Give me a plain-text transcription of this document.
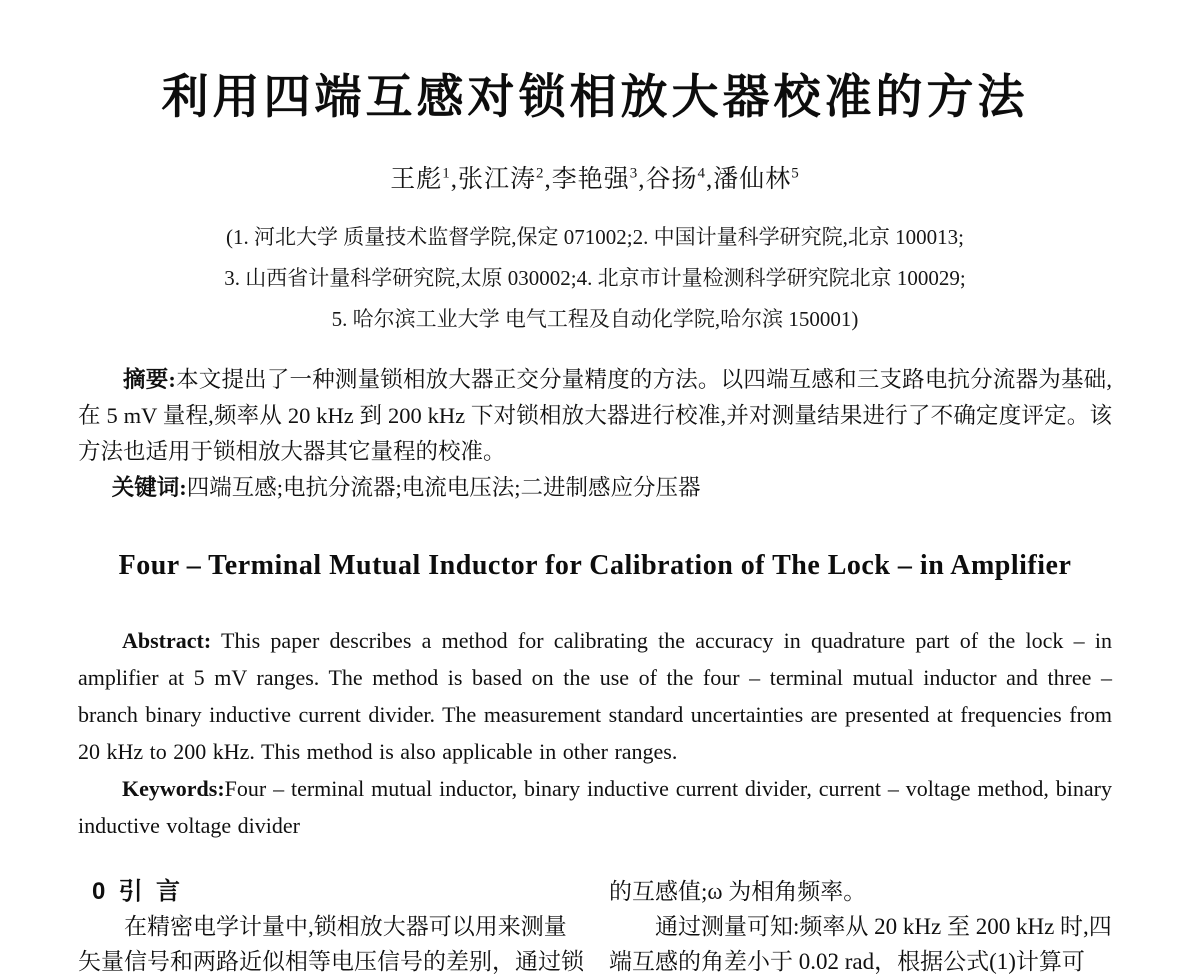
利用四端互感对锁相放大器校准的方法
王彪$^1$,张江涛$^2$,李艳强$^3$,谷扬$^4$,潘仙林$^5$
(1. 河北大学 质量技术监督学院,保定 071002;2. 中国计量科学研究院,北京 100013;
3. 山西省计量科学研究院,太原 030002;4. 北京市计量检测科学研究院北京 100029;
5. 哈尔滨工业大学 电气工程及自动化学院,哈尔滨 150001)
摘要:本文提出了一种测量锁相放大器正交分量精度的方法。以四端互感和三支路电抗分流器为基础,在 5 mV 量程,频率从 20 kHz 到 200 kHz 下对锁相放大器进行校准,并对测量结果进行了不确定度评定。该方法也适用于锁相放大器其它量程的校准。
关键词:四端互感;电抗分流器;电流电压法;二进制感应分压器
Four – Terminal Mutual Inductor for Calibration of The Lock – in Amplifier
Abstract: This paper describes a method for calibrating the accuracy in quadrature part of the lock – in amplifier at 5 mV ranges. The method is based on the use of the four – terminal mutual inductor and three – branch binary inductive current divider. The measurement standard uncertainties are presented at frequencies from 20 kHz to 200 kHz. This method is also applicable in other ranges.
Keywords:Four – terminal mutual inductor, binary inductive current divider, current – voltage method, binary inductive voltage divider
0  引  言
在精密电学计量中,锁相放大器可以用来测量
矢量信号和两路近似相等电压信号的差别，通过锁
的互感值;ω 为相角频率。
通过测量可知:频率从 20 kHz 至 200 kHz 时,四
端互感的角差小于 0.02 rad，根据公式(1)计算可
